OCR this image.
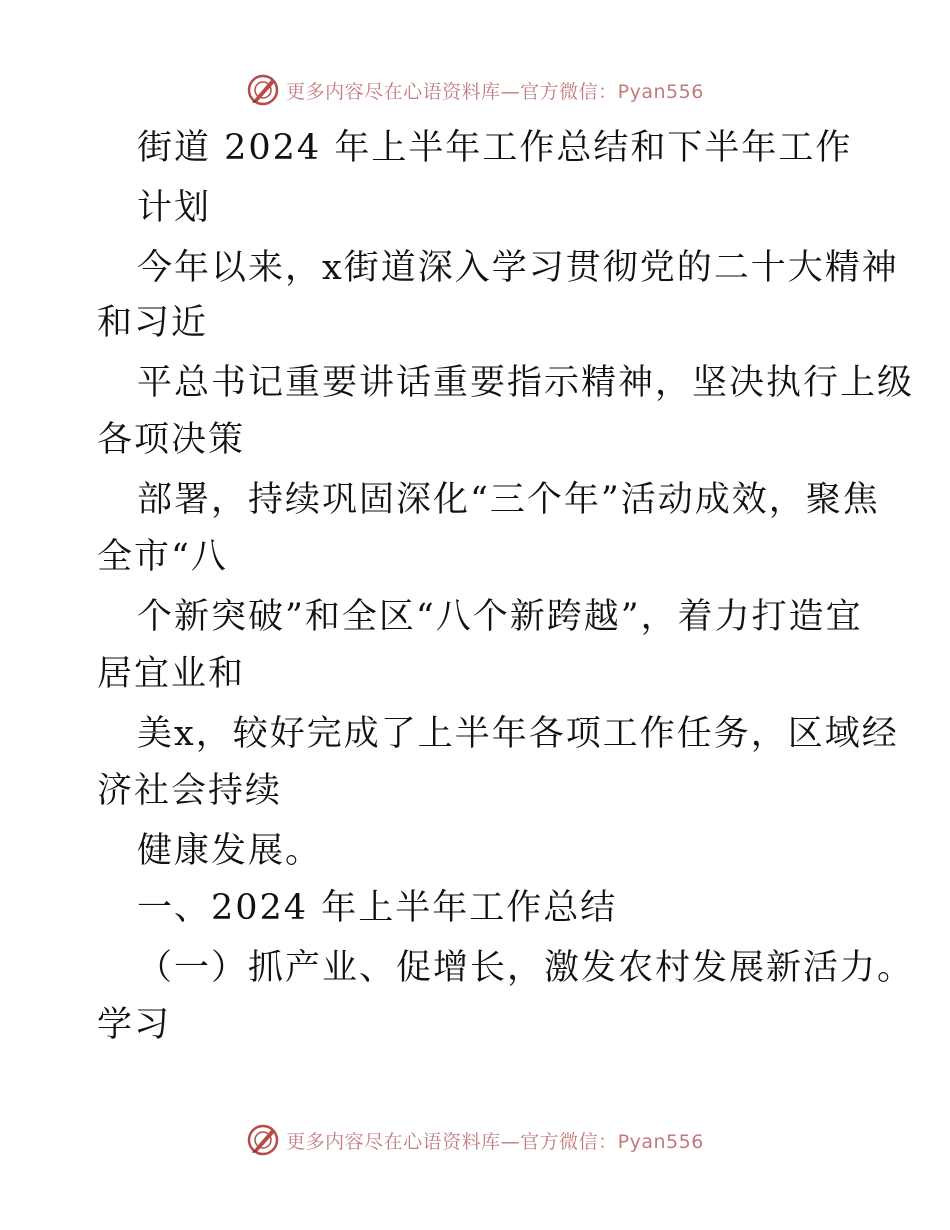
更多内容尽在心语资料库—官方微信：Pyan556

街道 2024 年上半年工作总结和下半年工作

计划

今年以来，x街道深入学习贯彻党的二十大精神

和习近

平总书记重要讲话重要指示精神，坚决执行上级

各项决策

部署，持续巩固深化“三个年”活动成效，聚焦

全市“八

个新突破”和全区“八个新跨越”，着力打造宜

居宜业和

美x，较好完成了上半年各项工作任务，区域经

济社会持续

健康发展。

一、2024 年上半年工作总结

（一）抓产业、促增长，激发农村发展新活力。

学习

更多内容尽在心语资料库—官方微信：Pyan556
